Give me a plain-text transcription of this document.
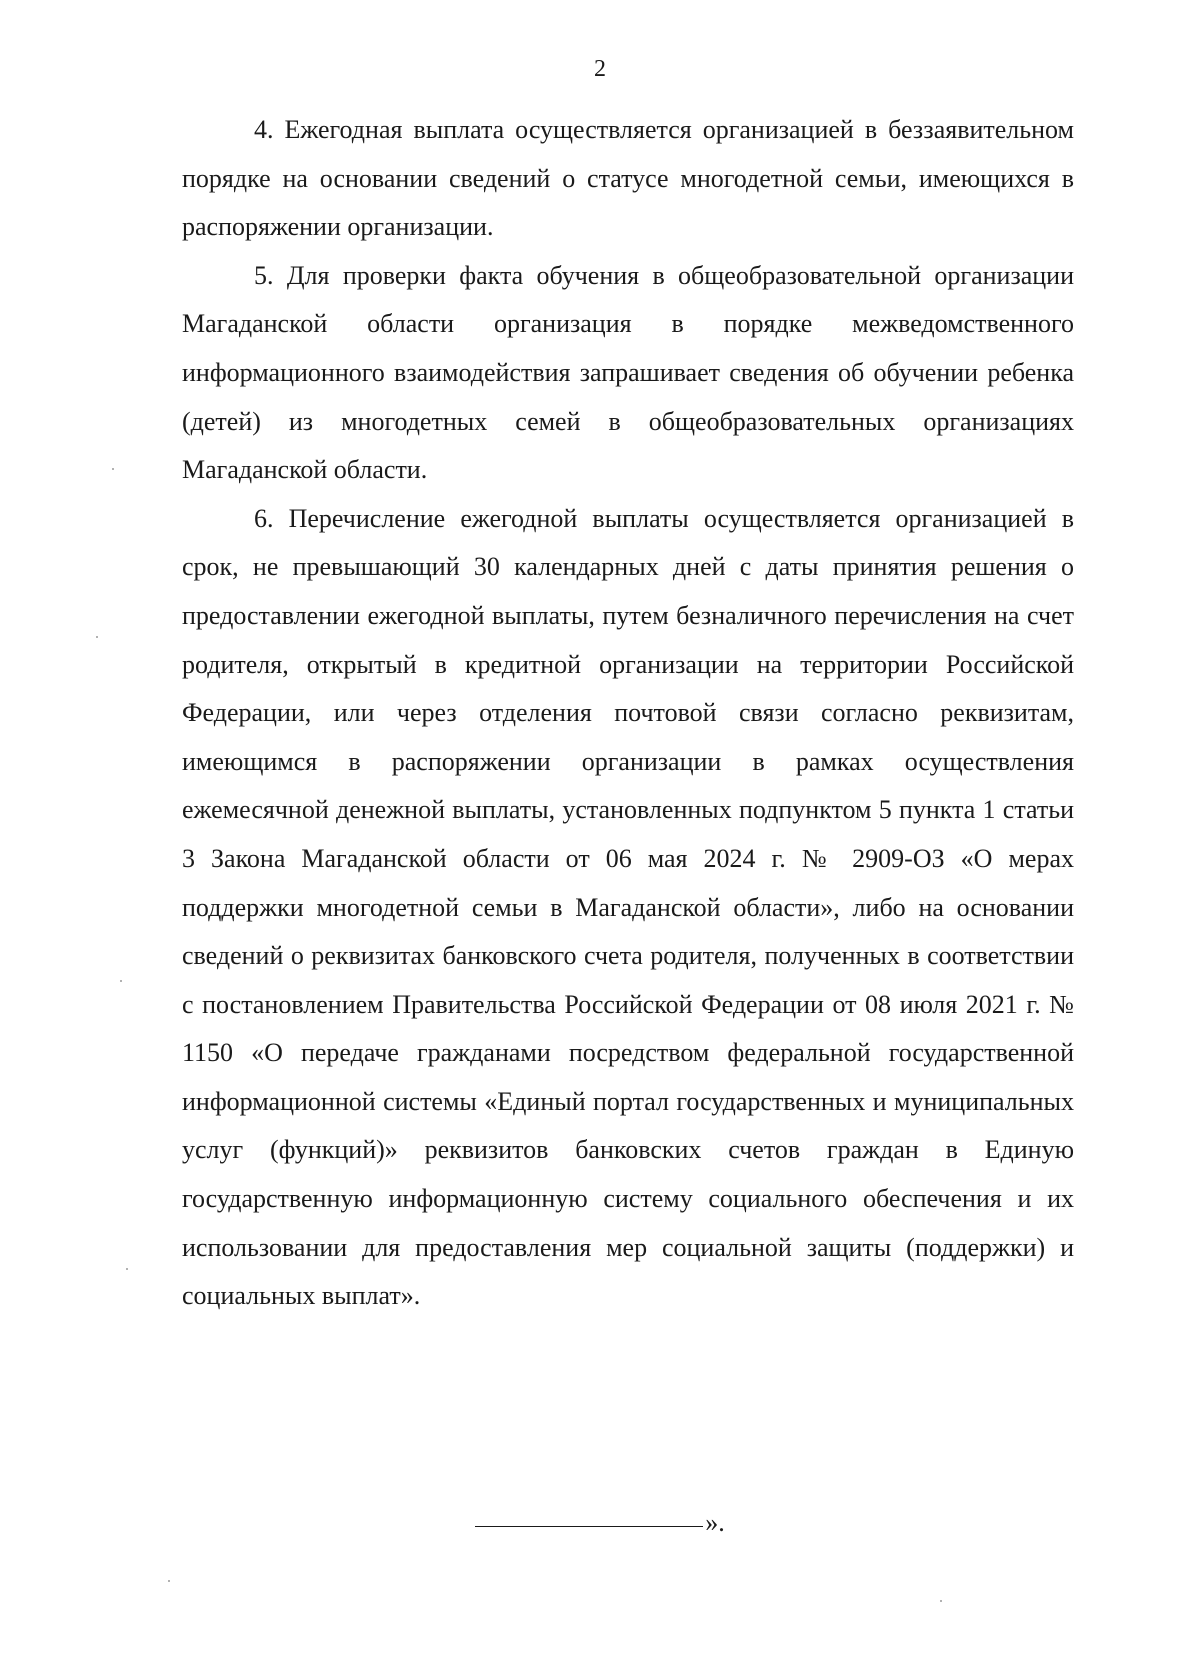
2

4. Ежегодная выплата осуществляется организацией в беззаявительном порядке на основании сведений о статусе многодетной семьи, имеющихся в распоряжении организации.

5. Для проверки факта обучения в общеобразовательной организации Магаданской области организация в порядке межведомственного информационного взаимодействия запрашивает сведения об обучении ребенка (детей) из многодетных семей в общеобразовательных организациях Магаданской области.

6. Перечисление ежегодной выплаты осуществляется организацией в срок, не превышающий 30 календарных дней с даты принятия решения о предоставлении ежегодной выплаты, путем безналичного перечисления на счет родителя, открытый в кредитной организации на территории Российской Федерации, или через отделения почтовой связи согласно реквизитам, имеющимся в распоряжении организации в рамках осуществления ежемесячной денежной выплаты, установленных подпунктом 5 пункта 1 статьи 3 Закона Магаданской области от 06 мая 2024 г. № 2909-ОЗ «О мерах поддержки многодетной семьи в Магаданской области», либо на основании сведений о реквизитах банковского счета родителя, полученных в соответствии с постановлением Правительства Российской Федерации от 08 июля 2021 г. № 1150 «О передаче гражданами посредством федеральной государственной информационной системы «Единый портал государственных и муниципальных услуг (функций)» реквизитов банковских счетов граждан в Единую государственную информационную систему социального обеспечения и их использовании для предоставления мер социальной защиты (поддержки) и социальных выплат».

».
